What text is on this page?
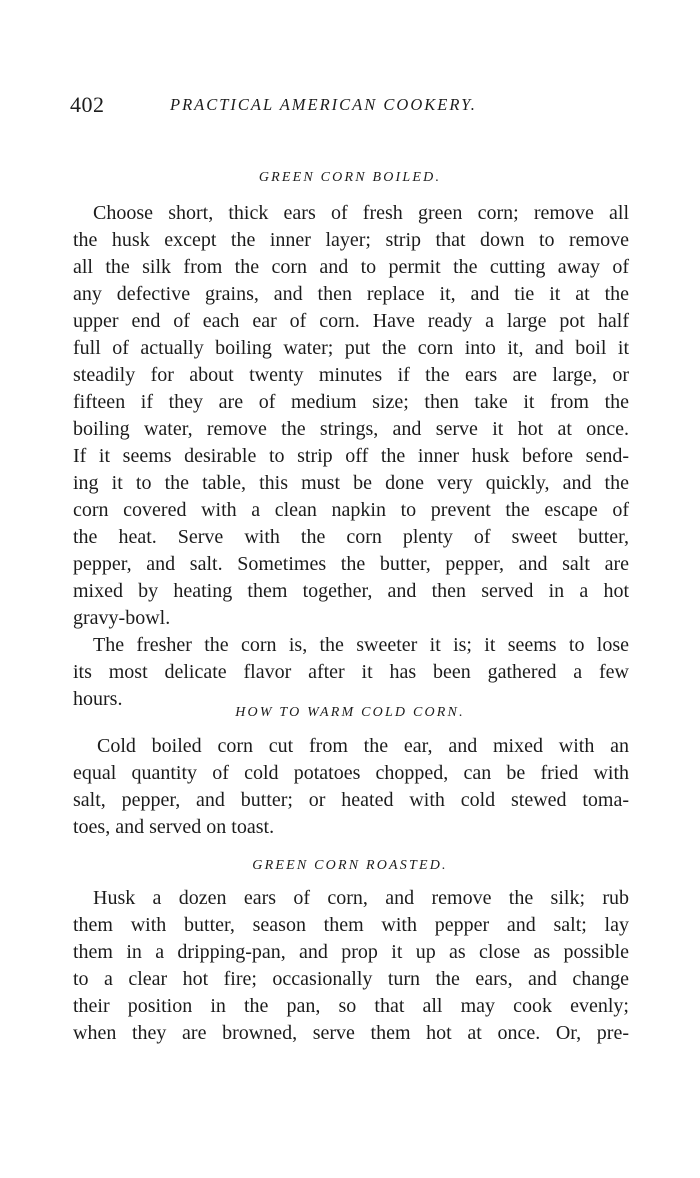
402	PRACTICAL AMERICAN COOKERY.
GREEN CORN BOILED.
Choose short, thick ears of fresh green corn; remove all
the husk except the inner layer; strip that down to remove
all the silk from the corn and to permit the cutting away of
any defective grains, and then replace it, and tie it at the
upper end of each ear of corn. Have ready a large pot half
full of actually boiling water; put the corn into it, and boil it
steadily for about twenty minutes if the ears are large, or
fifteen if they are of medium size; then take it from the
boiling water, remove the strings, and serve it hot at once.
If it seems desirable to strip off the inner husk before send-
ing it to the table, this must be done very quickly, and the
corn covered with a clean napkin to prevent the escape of
the heat. Serve with the corn plenty of sweet butter,
pepper, and salt. Sometimes the butter, pepper, and salt are
mixed by heating them together, and then served in a hot
gravy-bowl.
The fresher the corn is, the sweeter it is; it seems to lose
its most delicate flavor after it has been gathered a few
hours.
HOW TO WARM COLD CORN.
Cold boiled corn cut from the ear, and mixed with an
equal quantity of cold potatoes chopped, can be fried with
salt, pepper, and butter; or heated with cold stewed toma-
toes, and served on toast.
GREEN CORN ROASTED.
Husk a dozen ears of corn, and remove the silk; rub
them with butter, season them with pepper and salt; lay
them in a dripping-pan, and prop it up as close as possible
to a clear hot fire; occasionally turn the ears, and change
their position in the pan, so that all may cook evenly;
when they are browned, serve them hot at once. Or, pre-
